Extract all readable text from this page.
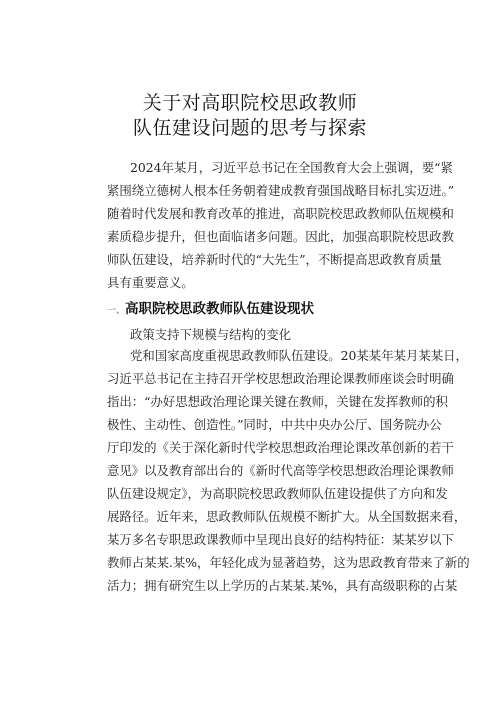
关于对高职院校思政教师
队伍建设问题的思考与探索
2024年某月，习近平总书记在全国教育大会上强调，要“紧
紧围绕立德树人根本任务朝着建成教育强国战略目标扎实迈进。”
随着时代发展和教育改革的推进，高职院校思政教师队伍规模和
素质稳步提升，但也面临诸多问题。因此，加强高职院校思政教
师队伍建设，培养新时代的“大先生”，不断提高思政教育质量
具有重要意义。
一、高职院校思政教师队伍建设现状
政策支持下规模与结构的变化
党和国家高度重视思政教师队伍建设。20某某年某月某某日，
习近平总书记在主持召开学校思想政治理论课教师座谈会时明确
指出：“办好思想政治理论课关键在教师，关键在发挥教师的积
极性、主动性、创造性。”同时，中共中央办公厅、国务院办公
厅印发的《关于深化新时代学校思想政治理论课改革创新的若干
意见》以及教育部出台的《新时代高等学校思想政治理论课教师
队伍建设规定》，为高职院校思政教师队伍建设提供了方向和发
展路径。近年来，思政教师队伍规模不断扩大。从全国数据来看，
某万多名专职思政课教师中呈现出良好的结构特征：某某岁以下
教师占某某.某%，年轻化成为显著趋势，这为思政教育带来了新的
活力；拥有研究生以上学历的占某某.某%，具有高级职称的占某
